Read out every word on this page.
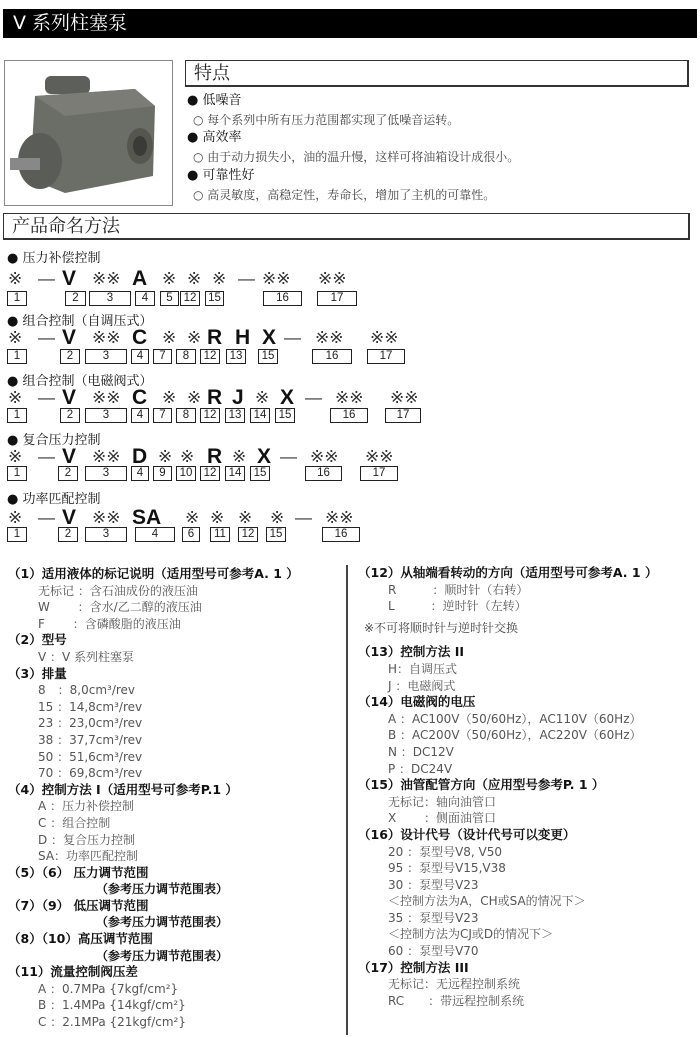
V 系列柱塞泵
特点
● 低噪音
○ 每个系列中所有压力范围都实现了低噪音运转。
● 高效率
○ 由于动力损失小，油的温升慢，这样可将油箱设计成很小。
● 可靠性好
○ 高灵敏度，高稳定性，寿命长，增加了主机的可靠性。
产品命名方法
● 压力补偿控制
※ — V ※※ A ※ ※ ※ — ※※ ※※
1	2	3	4	5 12	15	16	17
● 组合控制（自调压式）
※ — V ※※ C ※ ※ R H X — ※※ ※※
1	2	3	4	7	8	12	13	15	16	17
● 组合控制（电磁阀式）
※ — V ※※ C ※ ※ R J ※ X — ※※ ※※
1	2	3	4	7	8	12	13	14	15	16	17
● 复合压力控制
※ — V ※※ D ※ ※ R ※ X — ※※ ※※
1	2	3	4	9	10 12	14	15	16	17
● 功率匹配控制
※ — V ※※ SA ※ ※ ※ ※ — ※※
1	2	3	4	6	11	12	15	16
（1）适用液体的标记说明（适用型号可参考A. 1 ）
无标记 ：含石油成份的液压油
W　　 ：含水/乙二醇的液压油
F　　 ：含磷酸脂的液压油
（2）型号
V ：V 系列柱塞泵
（3）排量
8　：8,0cm³/rev
15 ：14,8cm³/rev
23 ：23,0cm³/rev
38 ：37,7cm³/rev
50 ：51,6cm³/rev
70 ：69,8cm³/rev
（4）控制方法 I（适用型号可参考P.1 ）
A ：压力补偿控制
C ：组合控制
D ：复合压力控制
SA：功率匹配控制
（5）（6） 压力调节范围
（参考压力调节范围表）
（7）（9） 低压调节范围
（参考压力调节范围表）
（8）（10）高压调节范围
（参考压力调节范围表）
（11）流量控制阀压差
A ：0.7MPa {7kgf/cm²}
B ：1.4MPa {14kgf/cm²}
C ：2.1MPa {21kgf/cm²}
（12）从轴端看转动的方向（适用型号可参考A. 1 ）
R　　　：顺时针（右转）
L　　　：逆时针（左转）
※不可将顺时针与逆时针交换
（13）控制方法 II
H：自调压式
J ：电磁阀式
（14）电磁阀的电压
A ：AC100V（50/60Hz），AC110V（60Hz）
B ：AC200V（50/60Hz），AC220V（60Hz）
N ：DC12V
P ：DC24V
（15）油管配管方向（应用型号参考P. 1 ）
无标记：轴向油管口
X　　 ：侧面油管口
（16）设计代号（设计代号可以变更）
20 ：泵型号V8, V50
95 ：泵型号V15,V38
30 ：泵型号V23
＜控制方法为A，CH或SA的情况下＞
35 ：泵型号V23
＜控制方法为CJ或D的情况下＞
60 ：泵型号V70
（17）控制方法 III
无标记：无远程控制系统
RC　　：带远程控制系统
